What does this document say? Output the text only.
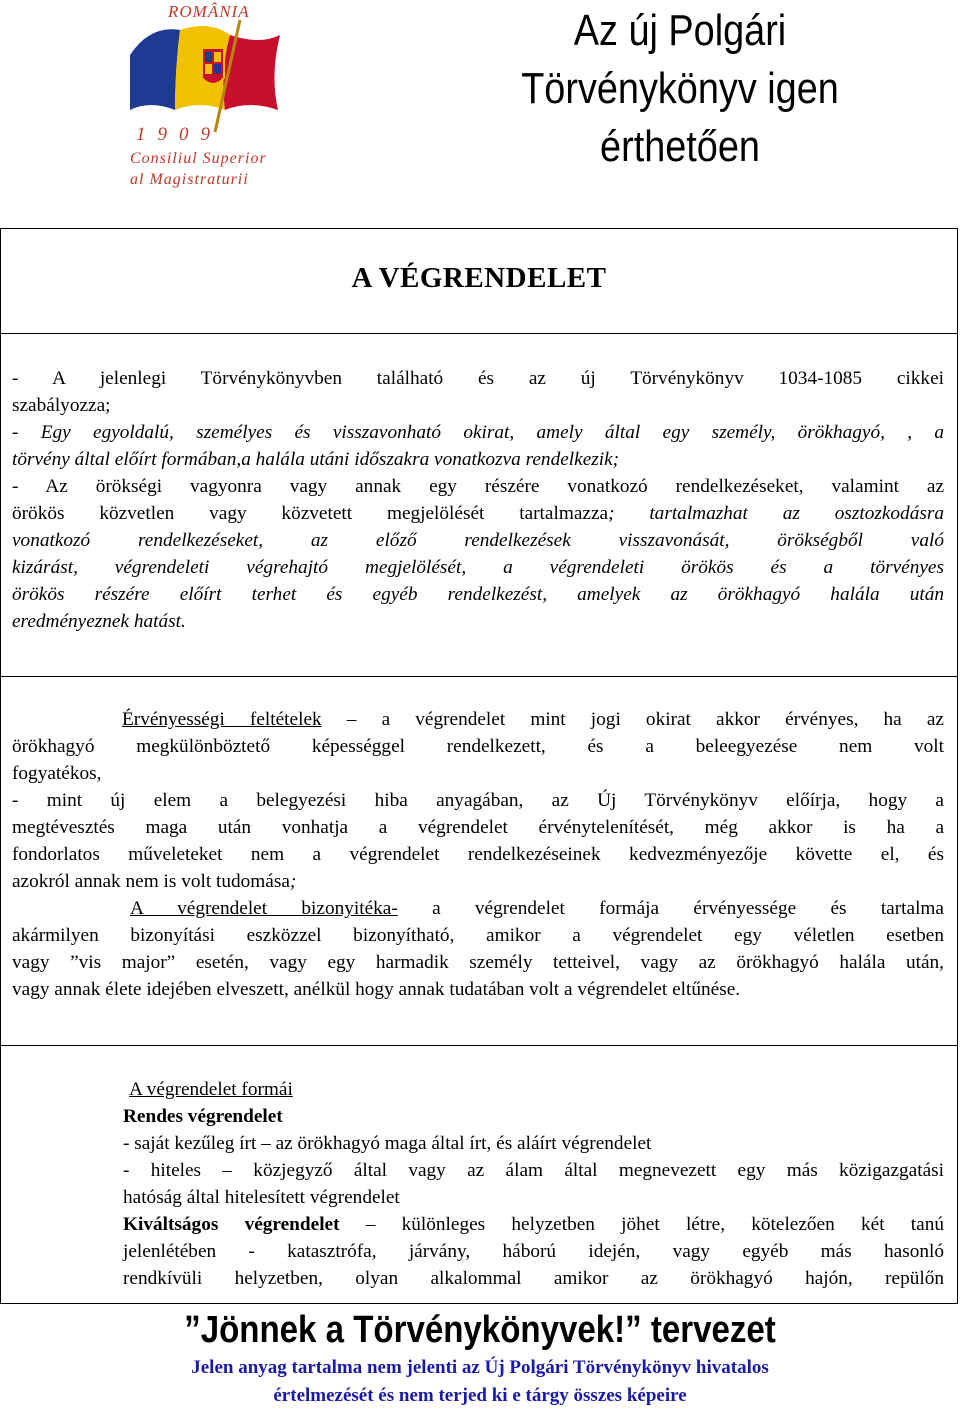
ROMÂNIA
1909
Consiliul Superior
al Magistraturii
Az új Polgári
Törvénykönyv igen
érthetően
A VÉGRENDELET
- A jelenlegi Törvénykönyvben található és az új Törvénykönyv 1034-1085 cikkei
szabályozza;
- Egy egyoldalú, személyes és visszavonható okirat, amely által egy személy, örökhagyó, , a
törvény által előírt formában,a halála utáni időszakra vonatkozva rendelkezik;
- Az örökségi vagyonra vagy annak egy részére vonatkozó rendelkezéseket, valamint az
örökös közvetlen vagy közvetett megjelölését tartalmazza; tartalmazhat az osztozkodásra
vonatkozó rendelkezéseket, az előző rendelkezések visszavonását, örökségből való
kizárást, végrendeleti végrehajtó megjelölését, a végrendeleti örökös és a törvényes
örökös részére előírt terhet és egyéb rendelkezést, amelyek az örökhagyó halála után
eredményeznek hatást.
Érvényességi feltételek – a végrendelet mint jogi okirat akkor érvényes, ha az
örökhagyó megkülönböztető képességgel rendelkezett, és a beleegyezése nem volt
fogyatékos,
- mint új elem a belegyezési hiba anyagában, az Új Törvénykönyv előírja, hogy a
megtévesztés maga után vonhatja a végrendelet érvénytelenítését, még akkor is ha a
fondorlatos műveleteket nem a végrendelet rendelkezéseinek kedvezményezője követte el, és
azokról annak nem is volt tudomása;
A végrendelet bizonyitéka- a végrendelet formája érvényessége és tartalma
akármilyen bizonyítási eszközzel bizonyítható, amikor a végrendelet egy véletlen esetben
vagy ”vis major” esetén, vagy egy harmadik személy tetteivel, vagy az örökhagyó halála után,
vagy annak élete idejében elveszett, anélkül hogy annak tudatában volt a végrendelet eltűnése.
A végrendelet formái
Rendes végrendelet
- saját kezűleg írt – az örökhagyó maga által írt, és aláírt végrendelet
- hiteles – közjegyző által vagy az álam által megnevezett egy más közigazgatási
hatóság által hitelesített végrendelet
Kiváltságos végrendelet – különleges helyzetben jöhet létre, kötelezően két tanú
jelenlétében - katasztrófa, járvány, háború idején, vagy egyéb más hasonló
rendkívüli helyzetben, olyan alkalommal amikor az örökhagyó hajón, repülőn
”Jönnek a Törvénykönyvek!” tervezet
Jelen anyag tartalma nem jelenti az Új Polgári Törvénykönyv hivatalos
értelmezését és nem terjed ki e tárgy összes képeire
